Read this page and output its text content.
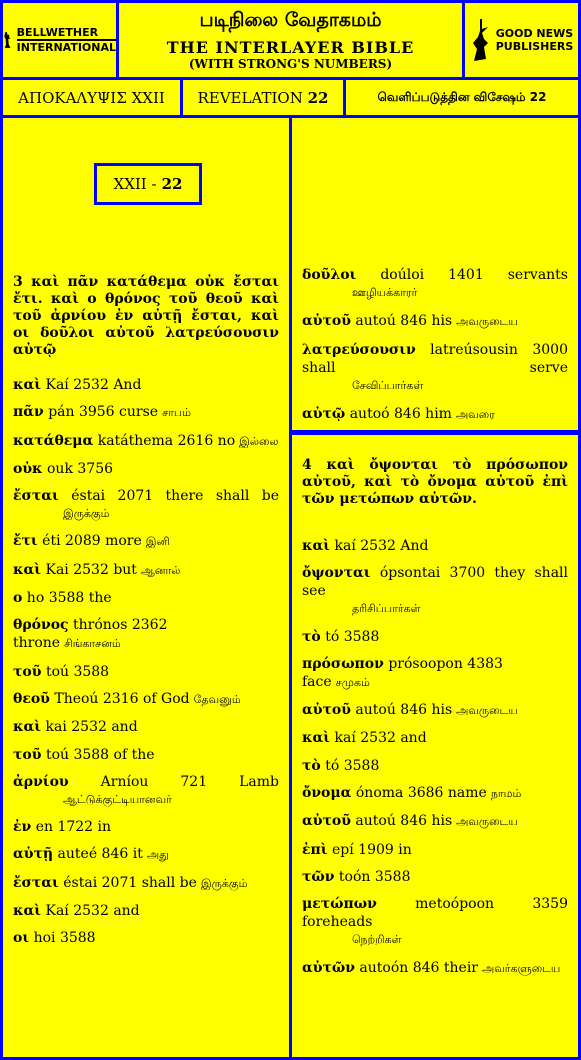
BELLWETHER
INTERNATIONAL
படிநிலை வேதாகமம்
THE INTERLAYER BIBLE
(WITH STRONG'S NUMBERS)
GOOD NEWS
PUBLISHERS
ΑΠΟΚΑΛΥΨΙΣ XXII REVELATION
22	வெளிப்படுத்தின விசேஷம் 22
XXII
- 22
3 καὶ πᾶν κατάθεμα οὐκ ἔσται ἔτι. καὶ ο θρόνος τοῦ θεοῦ καὶ τοῦ ἀρνίου ἐν αὐτῇ ἔσται, καὶ οι δοῦλοι αὐτοῦ λατρεύσουσιν αὐτῷ
καὶ Kaí 2532 And
πᾶν pán 3956 curse சாபம்
κατάθεμα katáthema 2616 no இல்லை
οὐκ ouk 3756
ἔσται éstai 2071 there shall be
இருக்கும்
ἔτι éti 2089 more இனி
καὶ Kai 2532 but ஆனால்
ο ho 3588 the
θρόνος thrónos 2362 throne சிங்காசனம்
τοῦ toú 3588
θεοῦ Theoú 2316 of God தேவனும்
καὶ kai 2532 and
τοῦ toú 3588 of the
ἀρνίου Arníou 721 Lamb
ஆட்டுக்குட்டியானவர்
ἐν en 1722 in
αὐτῇ auteé 846 it அது
ἔσται éstai 2071 shall be இருக்கும்
καὶ Kaí 2532 and
οι hoi 3588
δοῦλοι doúloi 1401 servants
ஊழியக்காரர்
αὐτοῦ autoú 846 his அவருடைய
λατρεύσουσιν latreúsousin 3000 shall serve
சேவிப்பார்கள்
αὐτῷ autoó 846 him அவரை
4 καὶ ὄψονται τὸ πρόσωπον αὐτοῦ, καὶ τὸ ὄνομα αὐτοῦ ἐπὶ τῶν μετώπων αὐτῶν.
καὶ kaí 2532 And
ὄψονται ópsontai 3700 they shall see
தரிசிப்பார்கள்
τὸ tó 3588
πρόσωπον prósoopon 4383 face சமுகம்
αὐτοῦ autoú 846 his அவருடைய
καὶ kaí 2532 and
τὸ tó 3588
ὄνομα ónoma 3686 name நாமம்
αὐτοῦ autoú 846 his அவருடைய
ἐπὶ epí 1909 in
τῶν toón 3588
μετώπων	metoópoon 3359 foreheads
நெற்றிகள்
αὐτῶν autoón 846 their அவர்களுடைய
